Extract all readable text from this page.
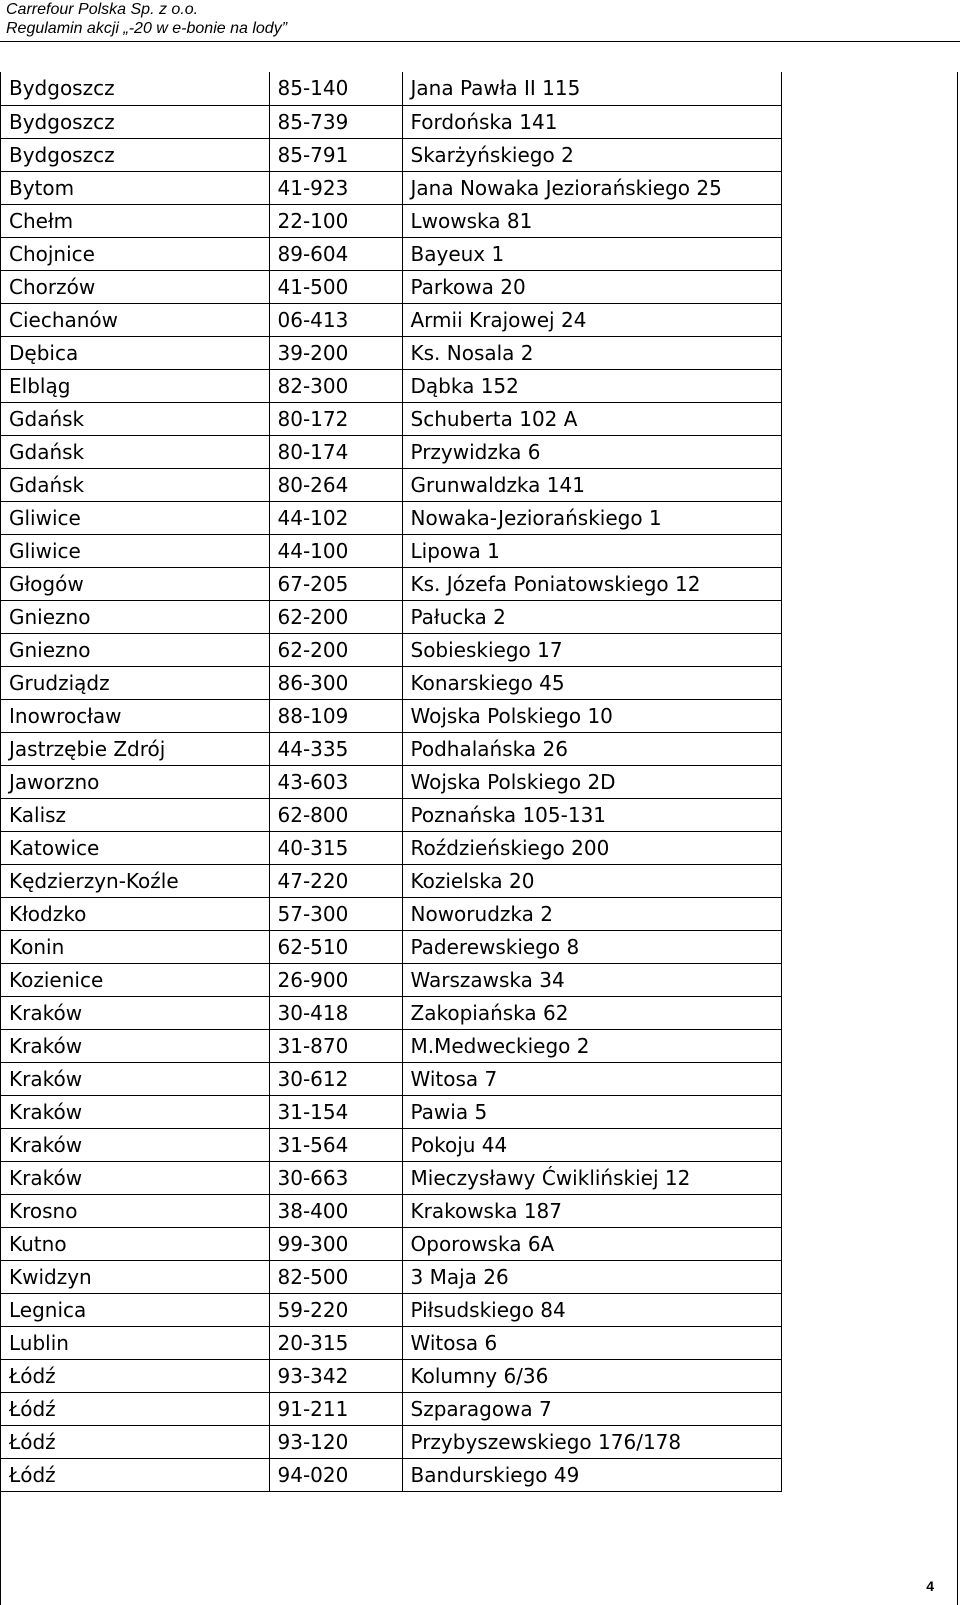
Carrefour Polska Sp. z o.o.
Regulamin akcji „-20 w e-bonie na lody”
Bydgoszcz	85-140	Jana Pawła II 115
Bydgoszcz	85-739	Fordońska 141
Bydgoszcz	85-791	Skarżyńskiego 2
Bytom	41-923	Jana Nowaka Jeziorańskiego 25
Chełm	22-100	Lwowska 81
Chojnice	89-604	Bayeux 1
Chorzów	41-500	Parkowa 20
Ciechanów	06-413	Armii Krajowej 24
Dębica	39-200	Ks. Nosala 2
Elbląg	82-300	Dąbka 152
Gdańsk	80-172	Schuberta 102 A
Gdańsk	80-174	Przywidzka 6
Gdańsk	80-264	Grunwaldzka 141
Gliwice	44-102	Nowaka-Jeziorańskiego 1
Gliwice	44-100	Lipowa 1
Głogów	67-205	Ks. Józefa Poniatowskiego 12
Gniezno	62-200	Pałucka 2
Gniezno	62-200	Sobieskiego 17
Grudziądz	86-300	Konarskiego 45
Inowrocław	88-109	Wojska Polskiego 10
Jastrzębie Zdrój	44-335	Podhalańska 26
Jaworzno	43-603	Wojska Polskiego 2D
Kalisz	62-800	Poznańska 105-131
Katowice	40-315	Roździeńskiego 200
Kędzierzyn-Koźle	47-220	Kozielska 20
Kłodzko	57-300	Noworudzka 2
Konin	62-510	Paderewskiego 8
Kozienice	26-900	Warszawska 34
Kraków	30-418	Zakopiańska 62
Kraków	31-870	M.Medweckiego 2
Kraków	30-612	Witosa 7
Kraków	31-154	Pawia 5
Kraków	31-564	Pokoju 44
Kraków	30-663	Mieczysławy Ćwiklińskiej 12
Krosno	38-400	Krakowska 187
Kutno	99-300	Oporowska 6A
Kwidzyn	82-500	3 Maja 26
Legnica	59-220	Piłsudskiego 84
Lublin	20-315	Witosa 6
Łódź	93-342	Kolumny 6/36
Łódź	91-211	Szparagowa 7
Łódź	93-120	Przybyszewskiego 176/178
Łódź	94-020	Bandurskiego 49
4
